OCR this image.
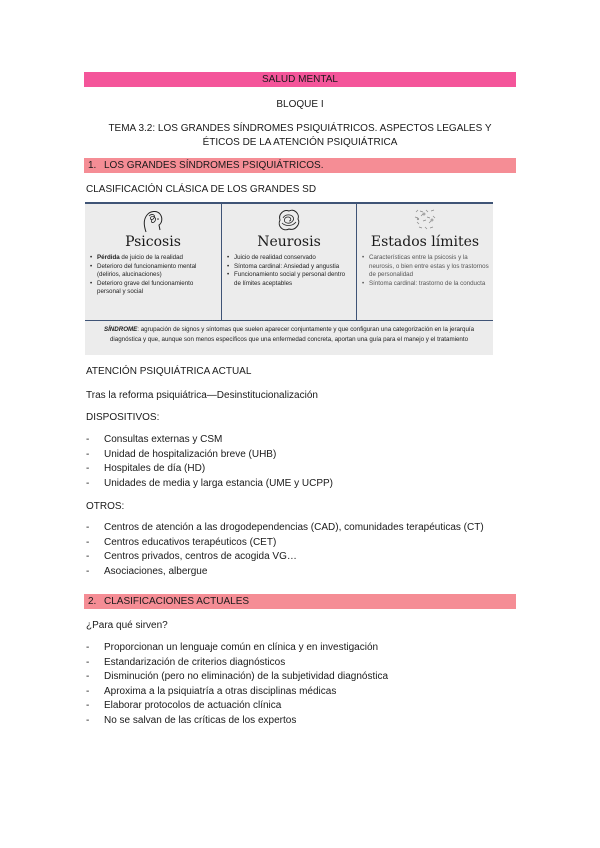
SALUD MENTAL
BLOQUE I
TEMA 3.2: LOS GRANDES SÍNDROMES PSIQUIÁTRICOS. ASPECTOS LEGALES Y
ÉTICOS DE LA ATENCIÓN PSIQUIÁTRICA
1. LOS GRANDES SÍNDROMES PSIQUIÁTRICOS.
CLASIFICACIÓN CLÁSICA DE LOS GRANDES SD
Psicosis
• Pérdida de juicio de la realidad
• Deterioro del funcionamiento mental (delirios, alucinaciones)
• Deterioro grave del funcionamiento personal y social
Neurosis
• Juicio de realidad conservado
• Síntoma cardinal: Ansiedad y angustia
• Funcionamiento social y personal dentro de límites aceptables
Estados límites
• Características entre la psicosis y la neurosis, o bien entre estas y los trastornos de personalidad
• Síntoma cardinal: trastorno de la conducta
SÍNDROME: agrupación de signos y síntomas que suelen aparecer conjuntamente y que configuran una categorización en la jerarquía diagnóstica y que, aunque son menos específicos que una enfermedad concreta, aportan una guía para el manejo y el tratamiento
ATENCIÓN PSIQUIÁTRICA ACTUAL
Tras la reforma psiquiátrica—Desinstitucionalización
DISPOSITIVOS:
- Consultas externas y CSM
- Unidad de hospitalización breve (UHB)
- Hospitales de día (HD)
- Unidades de media y larga estancia (UME y UCPP)
OTROS:
- Centros de atención a las drogodependencias (CAD), comunidades terapéuticas (CT)
- Centros educativos terapéuticos (CET)
- Centros privados, centros de acogida VG…
- Asociaciones, albergue
2. CLASIFICACIONES ACTUALES
¿Para qué sirven?
- Proporcionan un lenguaje común en clínica y en investigación
- Estandarización de criterios diagnósticos
- Disminución (pero no eliminación) de la subjetividad diagnóstica
- Aproxima a la psiquiatría a otras disciplinas médicas
- Elaborar protocolos de actuación clínica
- No se salvan de las críticas de los expertos
